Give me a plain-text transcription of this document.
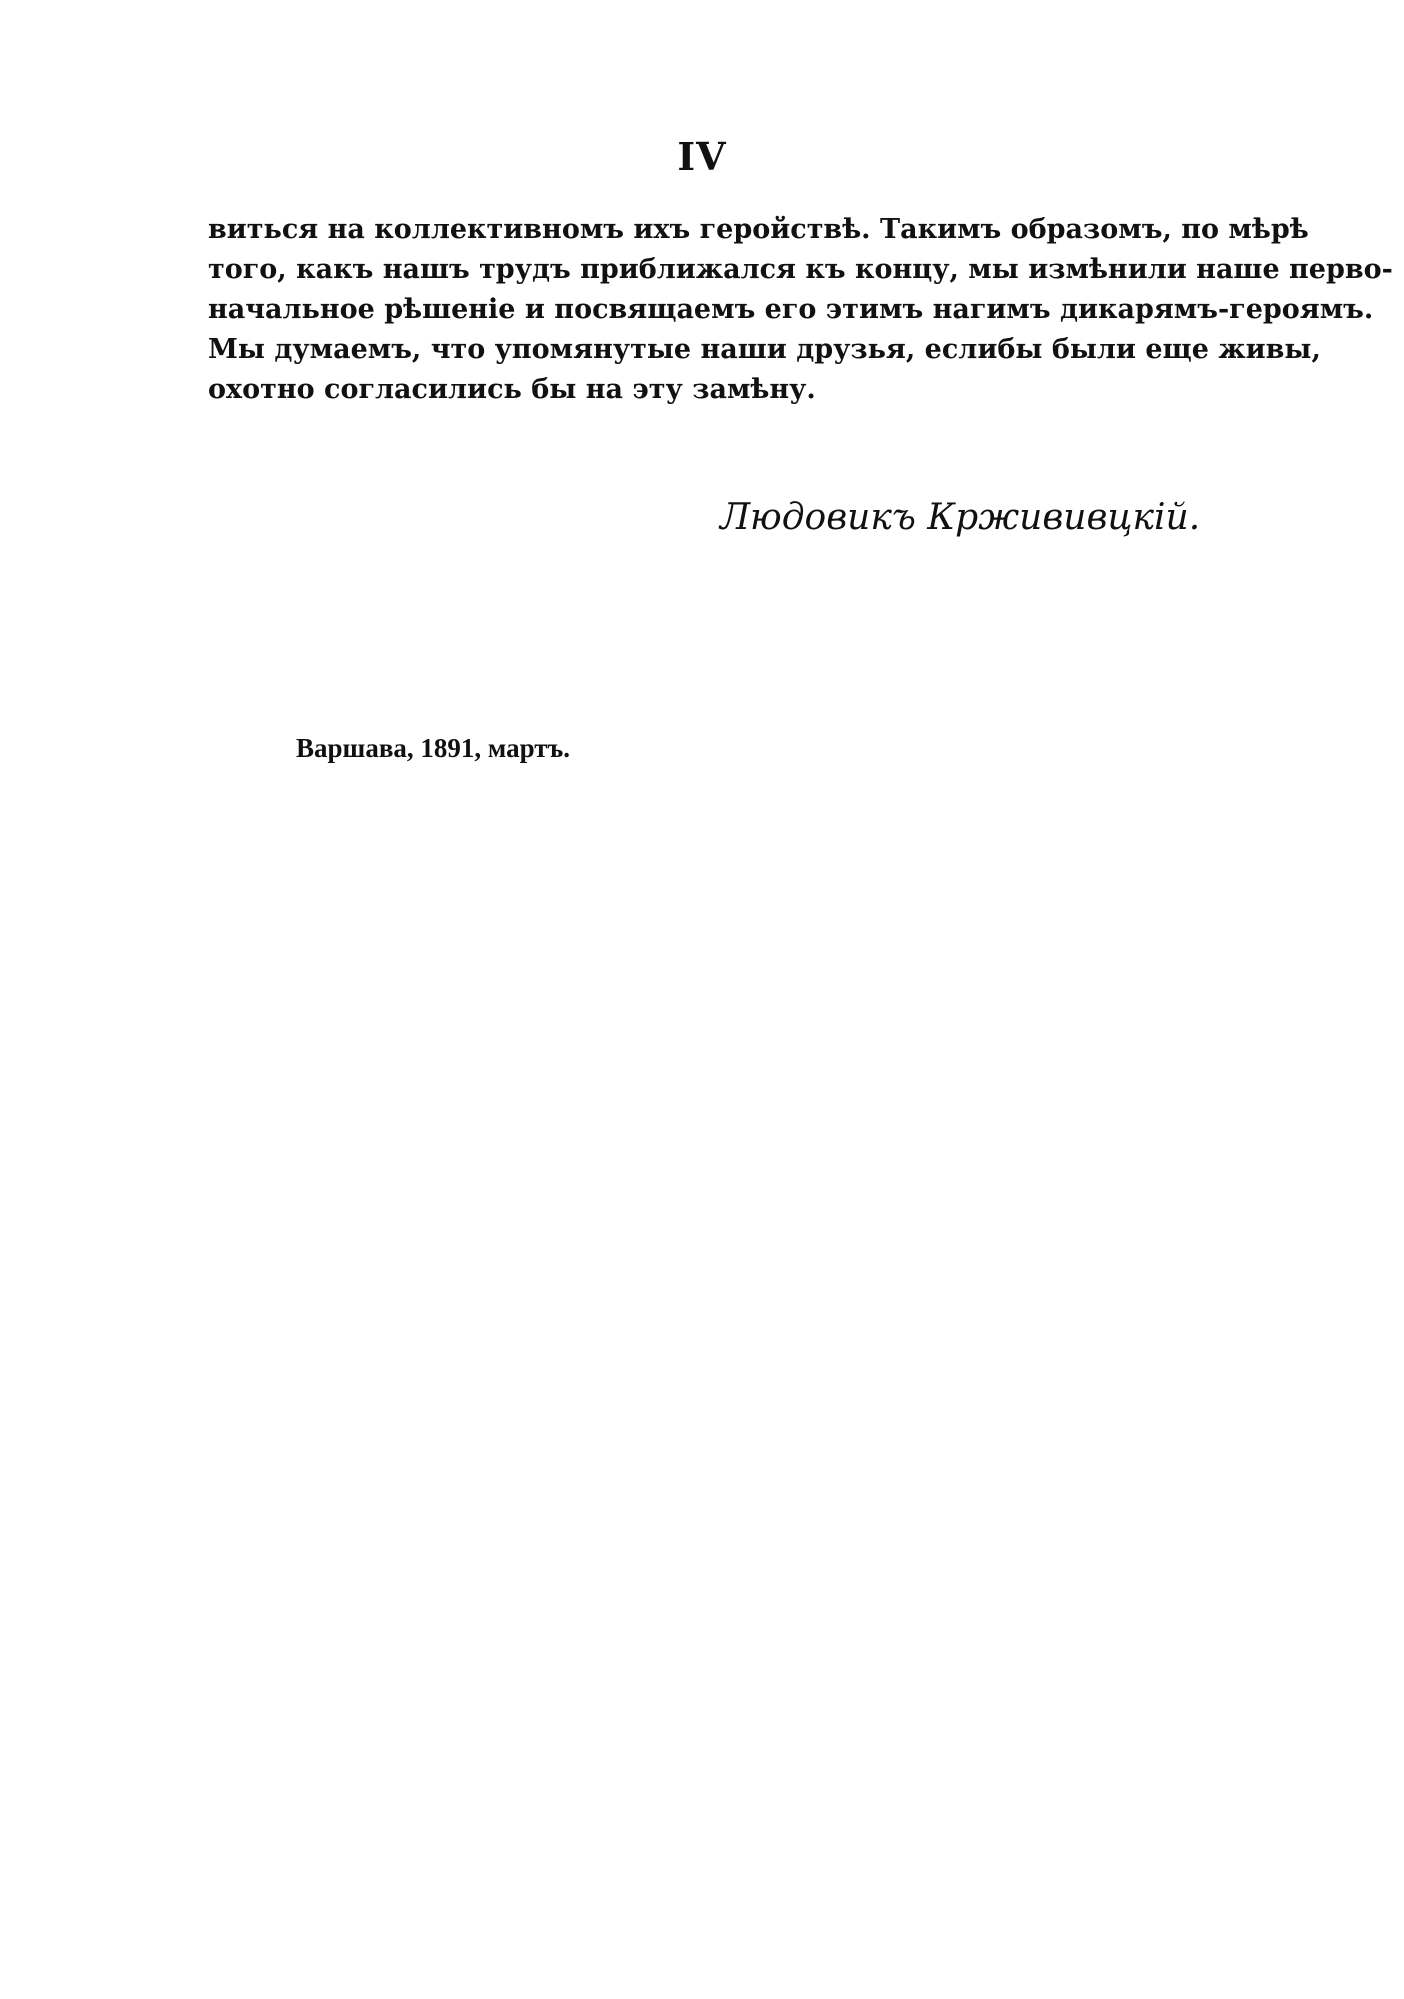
IV
виться на коллективномъ ихъ геройствѣ. Такимъ образомъ, по мѣрѣ
того, какъ нашъ трудъ приближался къ концу, мы измѣнили наше перво-
начальное рѣшеніе и посвящаемъ его этимъ нагимъ дикарямъ-героямъ.
Мы думаемъ, что упомянутые наши друзья, еслибы были еще живы,
охотно согласились бы на эту замѣну.
Людовикъ Кржививцкій.
Варшава, 1891, мартъ.
